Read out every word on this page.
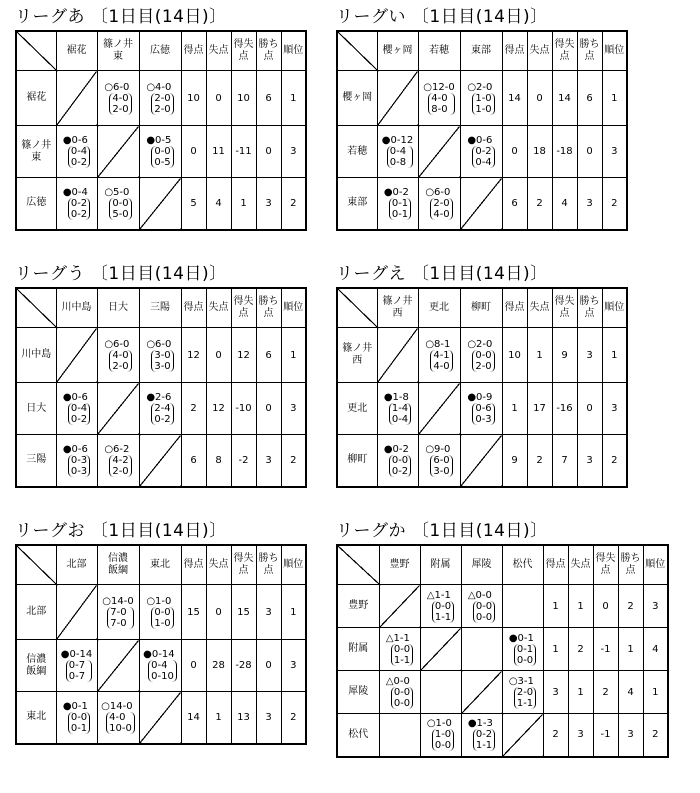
リーグあ 〔1日目(14日)〕
	裾花	篠ノ井
東	広徳	得点	失点	得失
点	勝ち
点	順位
裾花		○6-0
4-0
2-0	○4-0
2-0
2-0	10	0	10	6	1
篠ノ井
東	●0-6
0-4
0-2		●0-5
0-0
0-5	0	11	-11	0	3
広徳	●0-4
0-2
0-2	○5-0
0-0
5-0		5	4	1	3	2
リーグい 〔1日目(14日)〕
	櫻ヶ岡	若穂	東部	得点	失点	得失
点	勝ち
点	順位
櫻ヶ岡		○12-0
4-0
8-0	○2-0
1-0
1-0	14	0	14	6	1
若穂	●0-12
0-4
0-8		●0-6
0-2
0-4	0	18	-18	0	3
東部	●0-2
0-1
0-1	○6-0
2-0
4-0		6	2	4	3	2
リーグう 〔1日目(14日)〕
	川中島	日大	三陽	得点	失点	得失
点	勝ち
点	順位
川中島		○6-0
4-0
2-0	○6-0
3-0
3-0	12	0	12	6	1
日大	●0-6
0-4
0-2		●2-6
2-4
0-2	2	12	-10	0	3
三陽	●0-6
0-3
0-3	○6-2
4-2
2-0		6	8	-2	3	2
リーグえ 〔1日目(14日)〕
	篠ノ井
西	更北	柳町	得点	失点	得失
点	勝ち
点	順位
篠ノ井
西		○8-1
4-1
4-0	○2-0
0-0
2-0	10	1	9	3	1
更北	●1-8
1-4
0-4		●0-9
0-6
0-3	1	17	-16	0	3
柳町	●0-2
0-0
0-2	○9-0
6-0
3-0		9	2	7	3	2
リーグお 〔1日目(14日)〕
	北部	信濃
飯綱	東北	得点	失点	得失
点	勝ち
点	順位
北部		○14-0
7-0
7-0	○1-0
0-0
1-0	15	0	15	3	1
信濃
飯綱	●0-14
0-7
0-7		●0-14
0-4
0-10	0	28	-28	0	3
東北	●0-1
0-0
0-1	○14-0
4-0
10-0		14	1	13	3	2
リーグか 〔1日目(14日)〕
	豊野	附属	犀陵	松代	得点	失点	得失
点	勝ち
点	順位
豊野		△1-1
0-0
1-1	△0-0
0-0
0-0		1	1	0	2	3
附属	△1-1
0-0
1-1			●0-1
0-1
0-0	1	2	-1	1	4
犀陵	△0-0
0-0
0-0			○3-1
2-0
1-1	3	1	2	4	1
松代		○1-0
1-0
0-0	●1-3
0-2
1-1		2	3	-1	3	2
